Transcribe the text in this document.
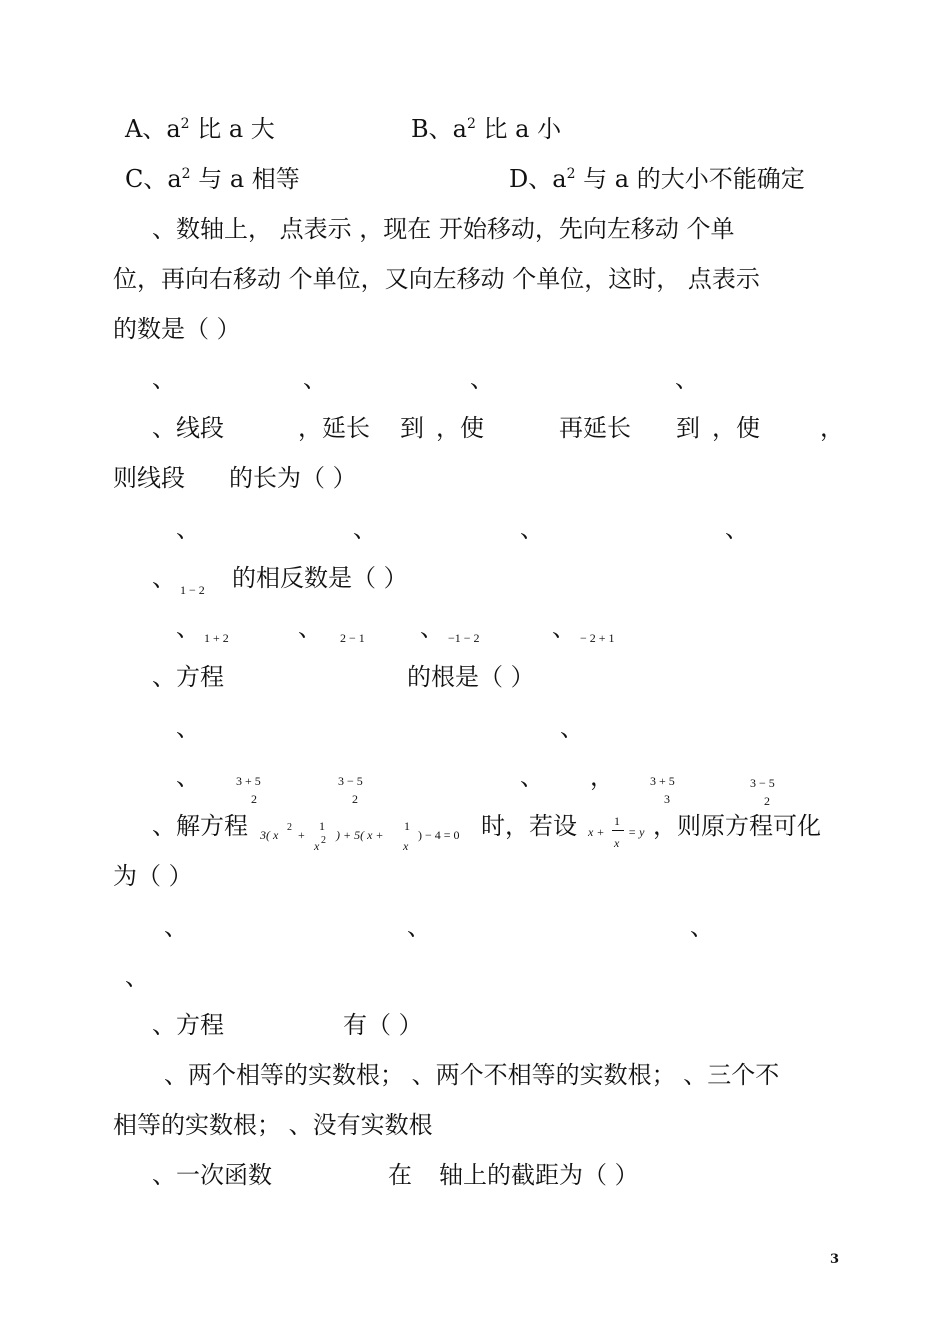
A、$a^2$ 比 a 大	B、$a^2$ 比 a 小
C、$a^2$ 与 a 相等	D、$a^2$ 与 a 的大小不能确定
、数轴上， 点表示 ，现在 开始移动，先向左移动 个单
位，再向右移动 个单位，又向左移动 个单位，这时， 点表示
的数是（ ）
、	、	、	、
、线段	，延长 到 ，使	再延长 到 ，使	，
则线段 的长为（ ）
、	、	、	、
、 1 − 2 的相反数是（ ）
、 1 + 2	、 2 − 1 、 −1 − 2	、 − 2 + 1
、方程	的根是（ ）
、	、
、	3 + 5
2
3 − 5
2
、 ，	3 + 5
3
3 − 5
2
、解方程 3( x
2
+
1
x 2 ) + 5( x +
1
x
) − 4 = 0 时，若设 x +
1
x
= y ，则原方程可化
为（ ）
、	、	、
、
、方程	有（ ）
、两个相等的实数根； 、两个不相等的实数根； 、三个不
相等的实数根； 、没有实数根
、一次函数	在 轴上的截距为（ ）
3
